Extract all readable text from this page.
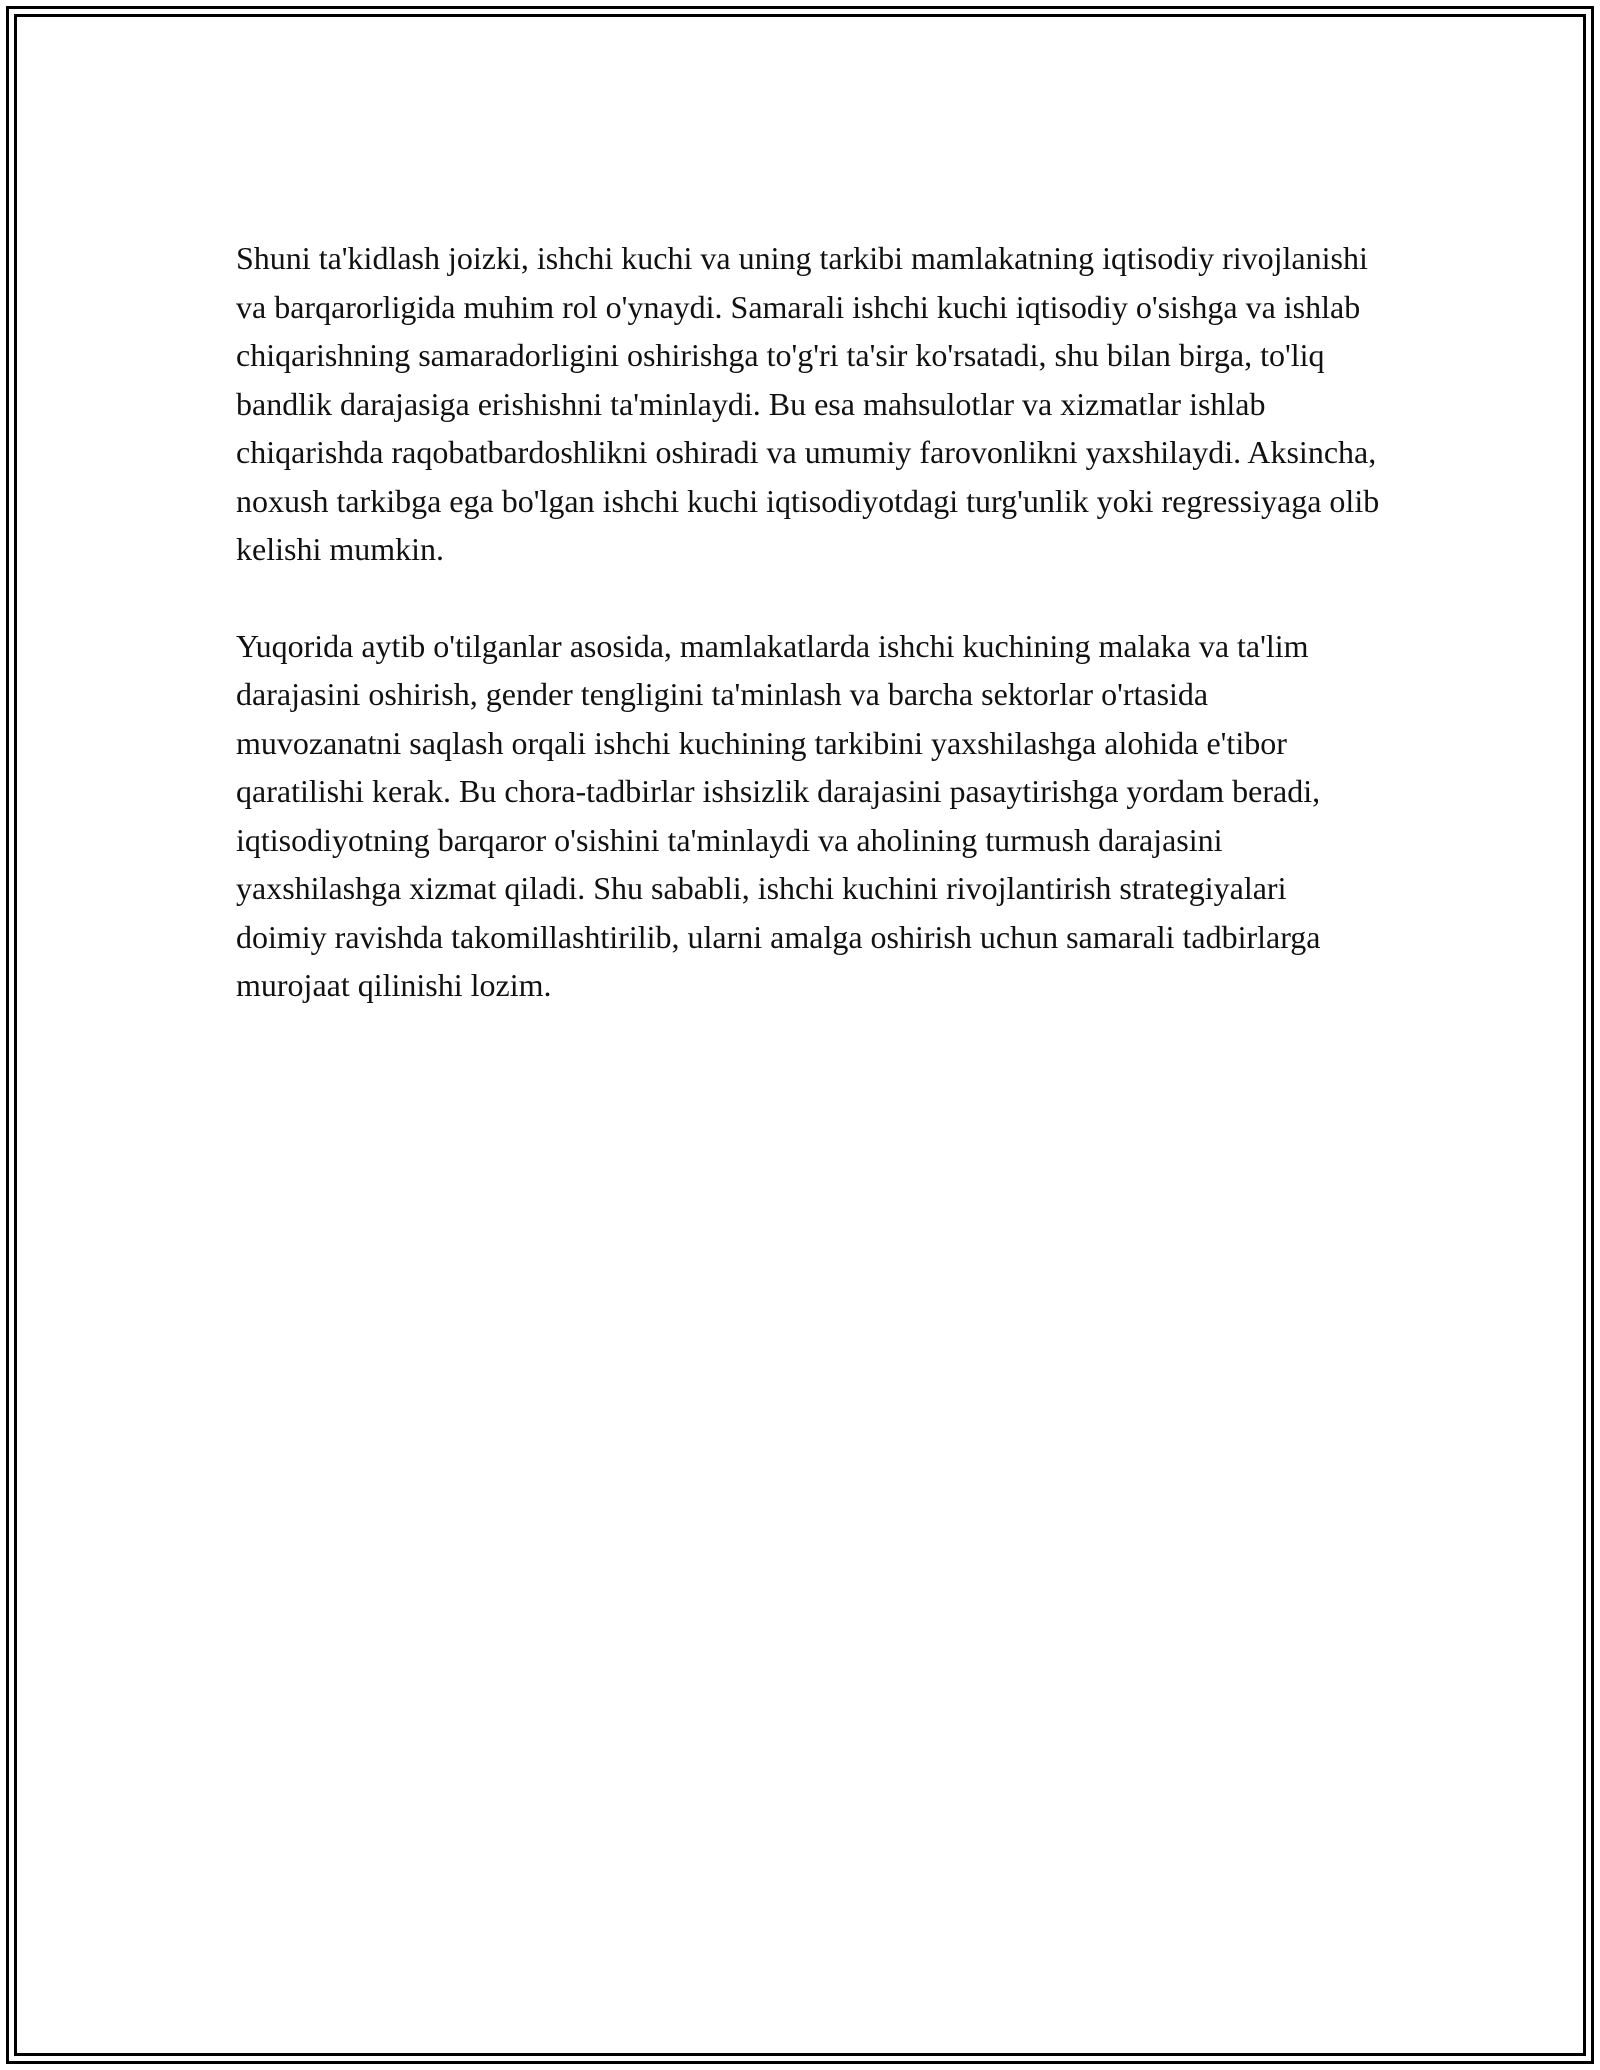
Shuni ta'kidlash joizki, ishchi kuchi va uning tarkibi mamlakatning iqtisodiy rivojlanishi va barqarorligida muhim rol o'ynaydi. Samarali ishchi kuchi iqtisodiy o'sishga va ishlab chiqarishning samaradorligini oshirishga to'g'ri ta'sir ko'rsatadi, shu bilan birga, to'liq bandlik darajasiga erishishni ta'minlaydi. Bu esa mahsulotlar va xizmatlar ishlab chiqarishda raqobatbardoshlikni oshiradi va umumiy farovonlikni yaxshilaydi. Aksincha, noxush tarkibga ega bo'lgan ishchi kuchi iqtisodiyotdagi turg'unlik yoki regressiyaga olib kelishi mumkin.

Yuqorida aytib o'tilganlar asosida, mamlakatlarda ishchi kuchining malaka va ta'lim darajasini oshirish, gender tengligini ta'minlash va barcha sektorlar o'rtasida muvozanatni saqlash orqali ishchi kuchining tarkibini yaxshilashga alohida e'tibor qaratilishi kerak. Bu chora-tadbirlar ishsizlik darajasini pasaytirishga yordam beradi, iqtisodiyotning barqaror o'sishini ta'minlaydi va aholining turmush darajasini yaxshilashga xizmat qiladi. Shu sababli, ishchi kuchini rivojlantirish strategiyalari doimiy ravishda takomillashtirilib, ularni amalga oshirish uchun samarali tadbirlarga murojaat qilinishi lozim.
